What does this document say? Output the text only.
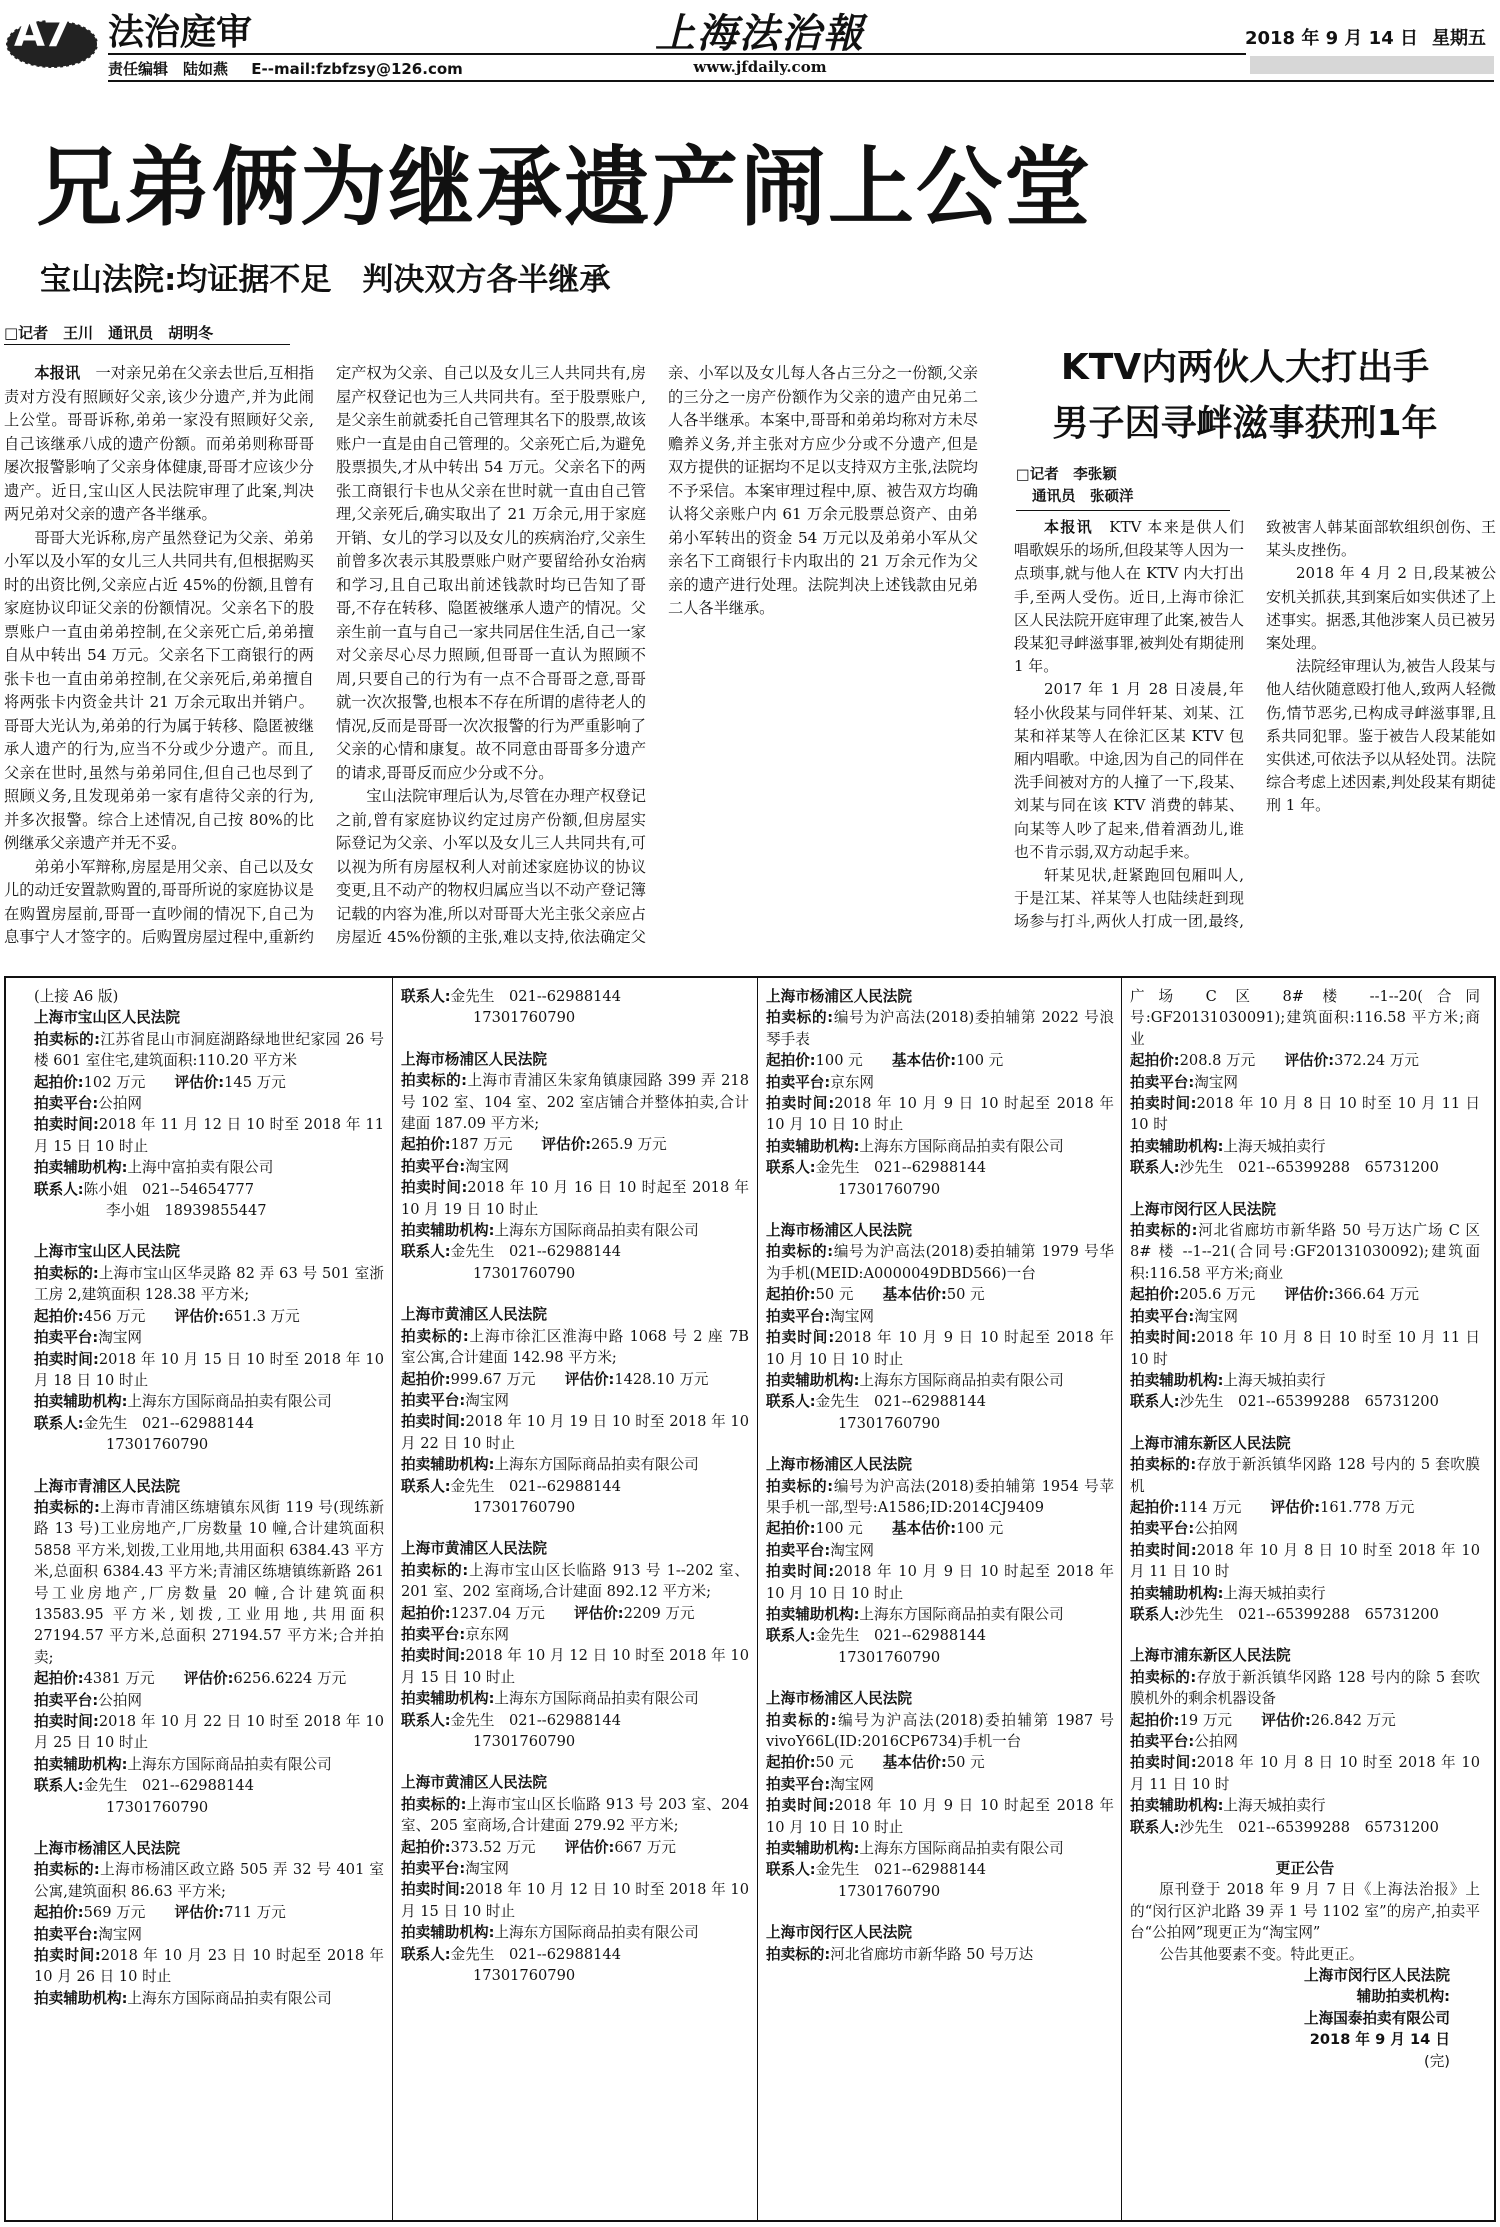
A7 法治庭审
责任编辑　陆如燕 E--mail:fzbfzsy@126.com
上海法治報
www.jfdaily.com
2018 年 9 月 14 日 星期五
兄弟俩为继承遗产闹上公堂
宝山法院:均证据不足　判决双方各半继承
□记者　王川　通讯员　胡明冬

本报讯　 一对亲兄弟在父亲去世后,互相指责对方没有照顾好父亲,该少分遗产,并为此闹上公堂。哥哥诉称,弟弟一家没有照顾好父亲,自己该继承八成的遗产份额。而弟弟则称哥哥屡次报警影响了父亲身体健康,哥哥才应该少分遗产。近日,宝山区人民法院审理了此案,判决两兄弟对父亲的遗产各半继承。

哥哥大光诉称,房产虽然登记为父亲、弟弟小军以及小军的女儿三人共同共有,但根据购买时的出资比例,父亲应占近 45%的份额,且曾有家庭协议印证父亲的份额情况。父亲名下的股票账户一直由弟弟控制,在父亲死亡后,弟弟擅自从中转出 54 万元。父亲名下工商银行的两张卡也一直由弟弟控制,在父亲死后,弟弟擅自将两张卡内资金共计 21 万余元取出并销户。哥哥大光认为,弟弟的行为属于转移、隐匿被继承人遗产的行为,应当不分或少分遗产。而且,父亲在世时,虽然与弟弟同住,但自己也尽到了照顾义务,且发现弟弟一家有虐待父亲的行为,并多次报警。综合上述情况,自己按 80%的比例继承父亲遗产并无不妥。

弟弟小军辩称,房屋是用父亲、自己以及女儿的动迁安置款购置的,哥哥所说的家庭协议是在购置房屋前,哥哥一直吵闹的情况下,自己为息事宁人才签字的。后购置房屋过程中,重新约定产权为父亲、自己以及女儿三人共同共有,房屋产权登记也为三人共同共有。至于股票账户,是父亲生前就委托自己管理其名下的股票,故该账户一直是由自己管理的。父亲死亡后,为避免股票损失,才从中转出 54 万元。父亲名下的两张工商银行卡也从父亲在世时就一直由自己管理,父亲死后,确实取出了 21 万余元,用于家庭开销、女儿的学习以及女儿的疾病治疗,父亲生前曾多次表示其股票账户财产要留给孙女治病和学习,且自己取出前述钱款时均已告知了哥哥,不存在转移、隐匿被继承人遗产的情况。父亲生前一直与自己一家共同居住生活,自己一家对父亲尽心尽力照顾,但哥哥一直认为照顾不周,只要自己的行为有一点不合哥哥之意,哥哥就一次次报警,也根本不存在所谓的虐待老人的情况,反而是哥哥一次次报警的行为严重影响了父亲的心情和康复。故不同意由哥哥多分遗产的请求,哥哥反而应少分或不分。

宝山法院审理后认为,尽管在办理产权登记之前,曾有家庭协议约定过房产份额,但房屋实际登记为父亲、小军以及女儿三人共同共有,可以视为所有房屋权利人对前述家庭协议的协议变更,且不动产的物权归属应当以不动产登记簿记载的内容为准,所以对哥哥大光主张父亲应占房屋近 45%份额的主张,难以支持,依法确定父亲、小军以及女儿每人各占三分之一份额,父亲的三分之一房产份额作为父亲的遗产由兄弟二人各半继承。本案中,哥哥和弟弟均称对方未尽赡养义务,并主张对方应少分或不分遗产,但是双方提供的证据均不足以支持双方主张,法院均不予采信。本案审理过程中,原、被告双方均确认将父亲账户内 61 万余元股票总资产、由弟弟小军转出的资金 54 万元以及弟弟小军从父亲名下工商银行卡内取出的 21 万余元作为父亲的遗产进行处理。法院判决上述钱款由兄弟二人各半继承。

KTV内两伙人大打出手
男子因寻衅滋事获刑1年
□记者　李张颖
通讯员　张硕洋

本报讯　 KTV 本来是供人们唱歌娱乐的场所,但段某等人因为一点琐事,就与他人在 KTV 内大打出手,至两人受伤。近日,上海市徐汇区人民法院开庭审理了此案,被告人段某犯寻衅滋事罪,被判处有期徒刑 1 年。

2017 年 1 月 28 日凌晨,年轻小伙段某与同伴轩某、刘某、江某和祥某等人在徐汇区某 KTV 包厢内唱歌。中途,因为自己的同伴在洗手间被对方的人撞了一下,段某、刘某与同在该 KTV 消费的韩某、向某等人吵了起来,借着酒劲儿,谁也不肯示弱,双方动起手来。

轩某见状,赶紧跑回包厢叫人,于是江某、祥某等人也陆续赶到现场参与打斗,两伙人打成一团,最终,致被害人韩某面部软组织创伤、王某头皮挫伤。

2018 年 4 月 2 日,段某被公安机关抓获,其到案后如实供述了上述事实。据悉,其他涉案人员已被另案处理。

法院经审理认为,被告人段某与他人结伙随意殴打他人,致两人轻微伤,情节恶劣,已构成寻衅滋事罪,且系共同犯罪。鉴于被告人段某能如实供述,可依法予以从轻处罚。法院综合考虑上述因素,判处段某有期徒刑 1 年。

(上接 A6 版)
上海市宝山区人民法院
拍卖标的:江苏省昆山市洞庭湖路绿地世纪家园 26 号楼 601 室住宅,建筑面积:110.20 平方米
起拍价:102 万元　　 评估价:145 万元
拍卖平台:公拍网
拍卖时间:2018 年 11 月 12 日 10 时至 2018 年 11 月 15 日 10 时止
拍卖辅助机构:上海中富拍卖有限公司
联系人:陈小姐　021--54654777
李小姐　18939855447
上海市宝山区人民法院
拍卖标的:上海市宝山区华灵路 82 弄 63 号 501 室浙工房 2,建筑面积 128.38 平方米;
起拍价:456 万元　　 评估价:651.3 万元
拍卖平台:淘宝网
拍卖时间:2018 年 10 月 15 日 10 时至 2018 年 10 月 18 日 10 时止
拍卖辅助机构:上海东方国际商品拍卖有限公司
联系人:金先生　021--62988144
17301760790
上海市青浦区人民法院
拍卖标的:上海市青浦区练塘镇东风街 119 号(现练新路 13 号)工业房地产,厂房数量 10 幢,合计建筑面积 5858 平方米,划拨,工业用地,共用面积 6384.43 平方米,总面积 6384.43 平方米;青浦区练塘镇练新路 261 号工业房地产,厂房数量 20 幢,合计建筑面积 13583.95 平方米,划拨,工业用地,共用面积 27194.57 平方米,总面积 27194.57 平方米;合并拍卖;
起拍价:4381 万元　　 评估价:6256.6224 万元
拍卖平台:公拍网
拍卖时间:2018 年 10 月 22 日 10 时至 2018 年 10 月 25 日 10 时止
拍卖辅助机构:上海东方国际商品拍卖有限公司
联系人:金先生　021--62988144
17301760790
上海市杨浦区人民法院
拍卖标的:上海市杨浦区政立路 505 弄 32 号 401 室公寓,建筑面积 86.63 平方米;
起拍价:569 万元　　 评估价:711 万元
拍卖平台:淘宝网
拍卖时间:2018 年 10 月 23 日 10 时起至 2018 年 10 月 26 日 10 时止
拍卖辅助机构:上海东方国际商品拍卖有限公司
联系人:金先生　021--62988144
17301760790
上海市杨浦区人民法院
拍卖标的:上海市青浦区朱家角镇康园路 399 弄 218 号 102 室、104 室、202 室店铺合并整体拍卖,合计建面 187.09 平方米;
起拍价:187 万元　　 评估价:265.9 万元
拍卖平台:淘宝网
拍卖时间:2018 年 10 月 16 日 10 时起至 2018 年 10 月 19 日 10 时止
拍卖辅助机构:上海东方国际商品拍卖有限公司
联系人:金先生　021--62988144
17301760790
上海市黄浦区人民法院
拍卖标的:上海市徐汇区淮海中路 1068 号 2 座 7B 室公寓,合计建面 142.98 平方米;
起拍价:999.67 万元　　 评估价:1428.10 万元
拍卖平台:淘宝网
拍卖时间:2018 年 10 月 19 日 10 时至 2018 年 10 月 22 日 10 时止
拍卖辅助机构:上海东方国际商品拍卖有限公司
联系人:金先生　021--62988144
17301760790
上海市黄浦区人民法院
拍卖标的:上海市宝山区长临路 913 号 1--202 室、201 室、202 室商场,合计建面 892.12 平方米;
起拍价:1237.04 万元　　 评估价:2209 万元
拍卖平台:京东网
拍卖时间:2018 年 10 月 12 日 10 时至 2018 年 10 月 15 日 10 时止
拍卖辅助机构:上海东方国际商品拍卖有限公司
联系人:金先生　021--62988144
17301760790
上海市黄浦区人民法院
拍卖标的:上海市宝山区长临路 913 号 203 室、204 室、205 室商场,合计建面 279.92 平方米;
起拍价:373.52 万元　　 评估价:667 万元
拍卖平台:淘宝网
拍卖时间:2018 年 10 月 12 日 10 时至 2018 年 10 月 15 日 10 时止
拍卖辅助机构:上海东方国际商品拍卖有限公司
联系人:金先生　021--62988144
17301760790
上海市杨浦区人民法院
拍卖标的:编号为沪高法(2018)委拍辅第 2022 号浪琴手表
起拍价:100 元　　 基本估价:100 元
拍卖平台:京东网
拍卖时间:2018 年 10 月 9 日 10 时起至 2018 年 10 月 10 日 10 时止
拍卖辅助机构:上海东方国际商品拍卖有限公司
联系人:金先生　021--62988144
17301760790
上海市杨浦区人民法院
拍卖标的:编号为沪高法(2018)委拍辅第 1979 号华为手机(MEID:A0000049DBD566)一台
起拍价:50 元　　 基本估价:50 元
拍卖平台:淘宝网
拍卖时间:2018 年 10 月 9 日 10 时起至 2018 年 10 月 10 日 10 时止
拍卖辅助机构:上海东方国际商品拍卖有限公司
联系人:金先生　021--62988144
17301760790
上海市杨浦区人民法院
拍卖标的:编号为沪高法(2018)委拍辅第 1954 号苹果手机一部,型号:A1586;ID:2014CJ9409
起拍价:100 元　　 基本估价:100 元
拍卖平台:淘宝网
拍卖时间:2018 年 10 月 9 日 10 时起至 2018 年 10 月 10 日 10 时止
拍卖辅助机构:上海东方国际商品拍卖有限公司
联系人:金先生　021--62988144
17301760790
上海市杨浦区人民法院
拍卖标的:编号为沪高法(2018)委拍辅第 1987 号 vivoY66L(ID:2016CP6734)手机一台
起拍价:50 元　　 基本估价:50 元
拍卖平台:淘宝网
拍卖时间:2018 年 10 月 9 日 10 时起至 2018 年 10 月 10 日 10 时止
拍卖辅助机构:上海东方国际商品拍卖有限公司
联系人:金先生　021--62988144
17301760790
上海市闵行区人民法院
拍卖标的:河北省廊坊市新华路 50 号万达
广场 C 区 8# 楼 --1--20(合同号:GF20131030091);建筑面积:116.58 平方米;商业
起拍价:208.8 万元　　 评估价:372.24 万元
拍卖平台:淘宝网
拍卖时间:2018 年 10 月 8 日 10 时至 10 月 11 日 10 时
拍卖辅助机构:上海天城拍卖行
联系人:沙先生　021--65399288　65731200
上海市闵行区人民法院
拍卖标的:河北省廊坊市新华路 50 号万达广场 C 区 8# 楼 --1--21(合同号:GF20131030092);建筑面积:116.58 平方米;商业
起拍价:205.6 万元　　 评估价:366.64 万元
拍卖平台:淘宝网
拍卖时间:2018 年 10 月 8 日 10 时至 10 月 11 日 10 时
拍卖辅助机构:上海天城拍卖行
联系人:沙先生　021--65399288　65731200
上海市浦东新区人民法院
拍卖标的:存放于新浜镇华冈路 128 号内的 5 套吹膜机
起拍价:114 万元　　 评估价:161.778 万元
拍卖平台:公拍网
拍卖时间:2018 年 10 月 8 日 10 时至 2018 年 10 月 11 日 10 时
拍卖辅助机构:上海天城拍卖行
联系人:沙先生　021--65399288　65731200
上海市浦东新区人民法院
拍卖标的:存放于新浜镇华冈路 128 号内的除 5 套吹膜机外的剩余机器设备
起拍价:19 万元　　 评估价:26.842 万元
拍卖平台:公拍网
拍卖时间:2018 年 10 月 8 日 10 时至 2018 年 10 月 11 日 10 时
拍卖辅助机构:上海天城拍卖行
联系人:沙先生　021--65399288　65731200
更正公告
原刊登于 2018 年 9 月 7 日《上海法治报》上的“闵行区沪北路 39 弄 1 号 1102 室”的房产,拍卖平台“公拍网”现更正为“淘宝网”
公告其他要素不变。特此更正。
上海市闵行区人民法院
辅助拍卖机构:
上海国泰拍卖有限公司
2018 年 9 月 14 日
(完)
